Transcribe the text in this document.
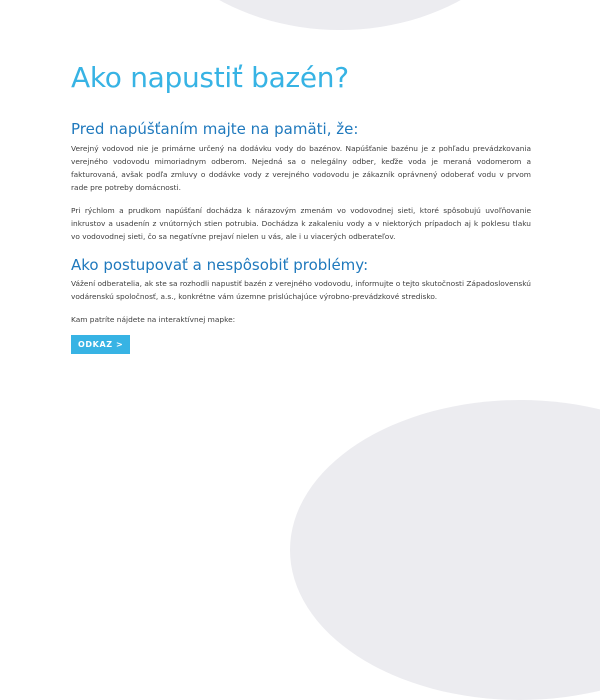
Ako napustiť bazén?
Pred napúšťaním majte na pamäti, že:

Verejný vodovod nie je primárne určený na dodávku vody do bazénov. Napúšťanie bazénu je z pohľadu prevádzkovania verejného vodovodu mimoriadnym odberom. Nejedná sa o nelegálny odber, keďže voda je meraná vodomerom a fakturovaná, avšak podľa zmluvy o dodávke vody z verejného vodovodu je zákazník oprávnený odoberať vodu v prvom rade pre potreby domácnosti.

Pri rýchlom a prudkom napúšťaní dochádza k nárazovým zmenám vo vodovodnej sieti, ktoré spôsobujú uvoľňovanie inkrustov a usadenín z vnútorných stien potrubia. Dochádza k zakaleniu vody a v niektorých prípadoch aj k poklesu tlaku vo vodovodnej sieti, čo sa negatívne prejaví nielen u vás, ale i u viacerých odberateľov.

Ako postupovať a nespôsobiť problémy:

Vážení odberatelia, ak ste sa rozhodli napustiť bazén z verejného vodovodu, informujte o tejto skutočnosti Západoslovenskú vodárenskú spoločnosť, a.s., konkrétne vám územne prislúchajúce výrobno-prevádzkové stredisko.

Kam patríte nájdete na interaktívnej mapke:

ODKAZ >
